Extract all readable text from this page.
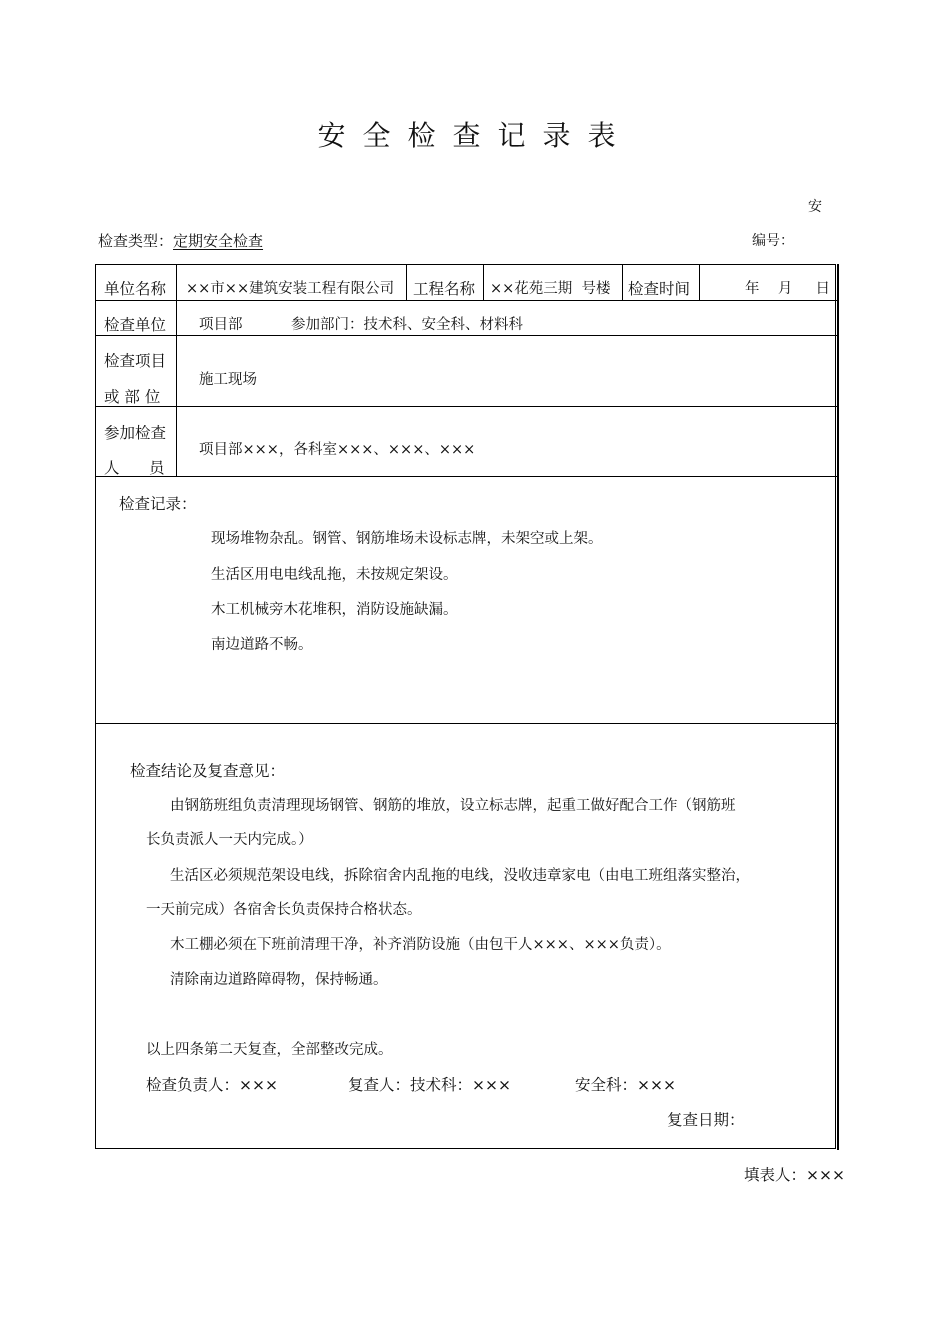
安全检查记录表
安
检查类型：定期安全检查	编号：
单位名称 ××市××建筑安装工程有限公司 工程名称 ××花苑三期  号楼 检查时间	年    月     日
检查单位 项目部	参加部门：技术科、安全科、材料科
检查项目
或 部 位
施工现场
参加检查
人      员
项目部×××，各科室×××、×××、×××
检查记录：
现场堆物杂乱。钢管、钢筋堆场未设标志牌，未架空或上架。
生活区用电电线乱拖，未按规定架设。
木工机械旁木花堆积，消防设施缺漏。
南边道路不畅。
检查结论及复查意见：
由钢筋班组负责清理现场钢管、钢筋的堆放，设立标志牌，起重工做好配合工作（钢筋班
长负责派人一天内完成。）
生活区必须规范架设电线，拆除宿舍内乱拖的电线，没收违章家电（由电工班组落实整治，
一天前完成）各宿舍长负责保持合格状态。
木工棚必须在下班前清理干净，补齐消防设施（由包干人×××、×××负责）。
清除南边道路障碍物，保持畅通。
以上四条第二天复查，全部整改完成。
检查负责人：×××	复查人：技术科：×××	安全科：×××
复查日期：
填表人：×××
